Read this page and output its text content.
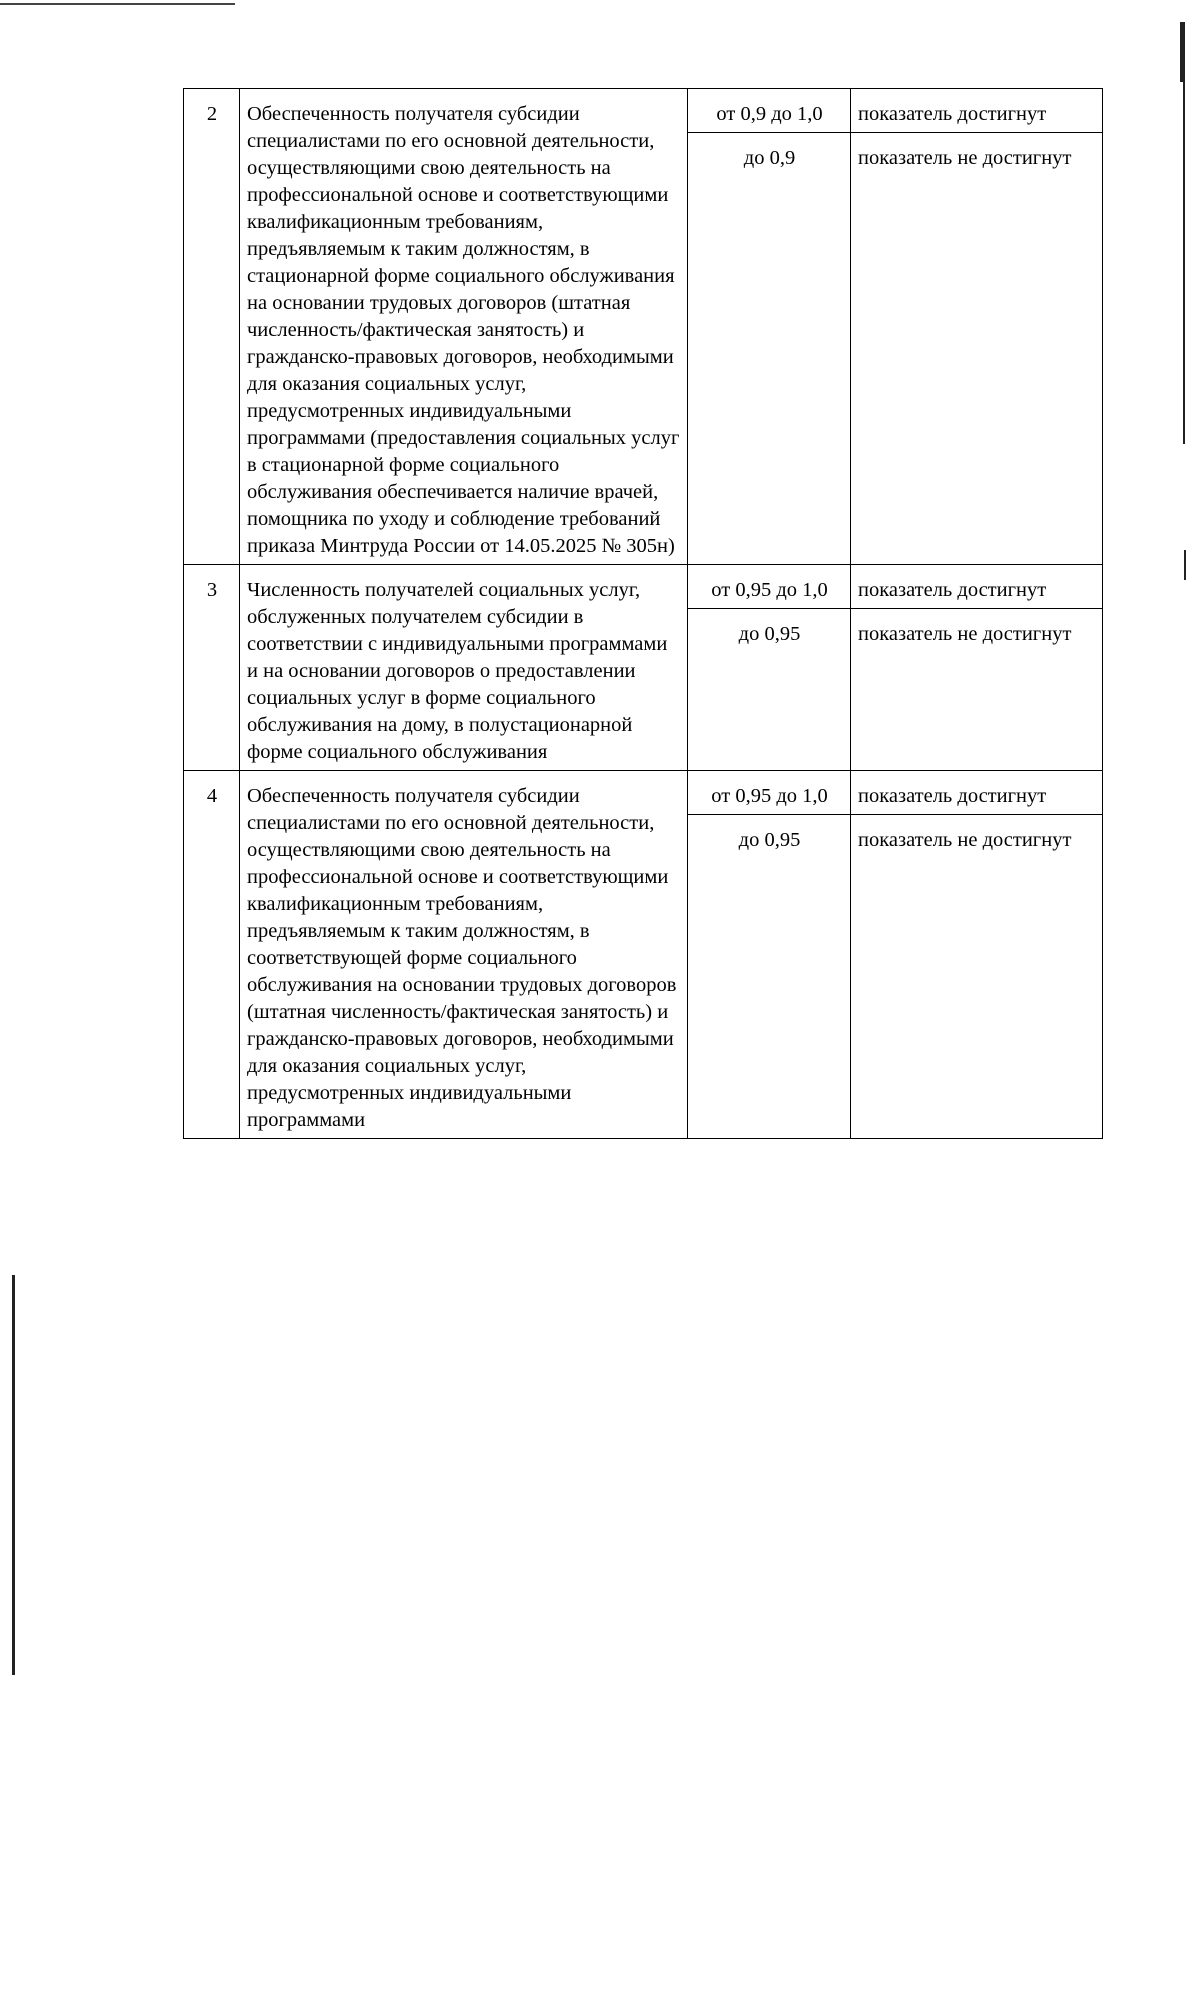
2	Обеспеченность получателя субсидии специалистами по его основной деятельности, осуществляющими свою деятельность на профессиональной основе и соответствующими квалификационным требованиям, предъявляемым к таким должностям, в стационарной форме социального обслуживания на основании трудовых договоров (штатная численность/фактическая занятость) и гражданско-правовых договоров, необходимыми для оказания социальных услуг, предусмотренных индивидуальными программами (предоставления социальных услуг в стационарной форме социального обслуживания обеспечивается наличие врачей, помощника по уходу и соблюдение требований приказа Минтруда России от 14.05.2025 № 305н)	от 0,9 до 1,0	показатель достигнут
		до 0,9	показатель не достигнут
3	Численность получателей социальных услуг, обслуженных получателем субсидии в соответствии с индивидуальными программами и на основании договоров о предоставлении социальных услуг в форме социального обслуживания на дому, в полустационарной форме социального обслуживания	от 0,95 до 1,0	показатель достигнут
		до 0,95	показатель не достигнут
4	Обеспеченность получателя субсидии специалистами по его основной деятельности, осуществляющими свою деятельность на профессиональной основе и соответствующими квалификационным требованиям, предъявляемым к таким должностям, в соответствующей форме социального обслуживания на основании трудовых договоров (штатная численность/фактическая занятость) и гражданско-правовых договоров, необходимыми для оказания социальных услуг, предусмотренных индивидуальными программами	от 0,95 до 1,0	показатель достигнут
		до 0,95	показатель не достигнут
